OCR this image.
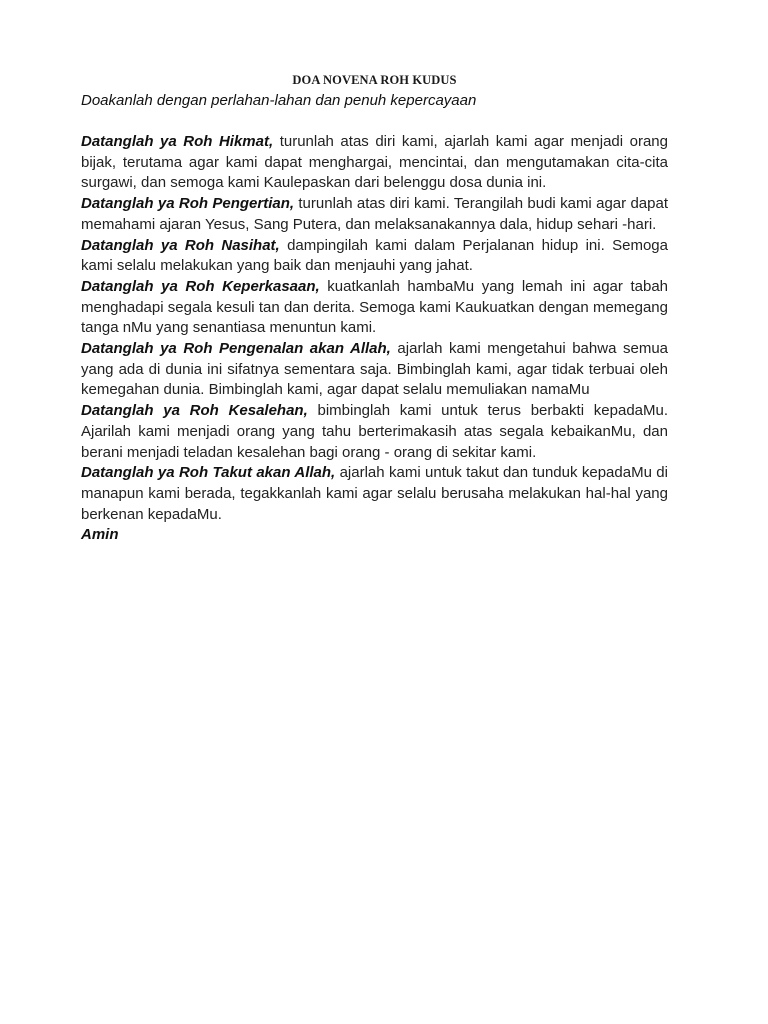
DOA NOVENA ROH KUDUS

Doakanlah dengan perlahan-lahan dan penuh kepercayaan

Datanglah ya Roh Hikmat, turunlah atas diri kami, ajarlah kami agar menjadi orang bijak, terutama agar kami dapat menghargai, mencintai, dan mengutamakan cita-cita surgawi, dan semoga kami Kaulepaskan dari belenggu dosa dunia ini.

Datanglah ya Roh Pengertian, turunlah atas diri kami. Terangilah budi kami agar dapat memahami ajaran Yesus, Sang Putera, dan melaksanakannya dala, hidup sehari -hari.

Datanglah ya Roh Nasihat, dampingilah kami dalam Perjalanan hidup ini. Semoga kami selalu melakukan yang baik dan menjauhi yang jahat.

Datanglah ya Roh Keperkasaan, kuatkanlah hambaMu yang lemah ini agar tabah menghadapi segala kesuli tan dan derita. Semoga kami Kaukuatkan dengan memegang tanga nMu yang senantiasa menuntun kami.

Datanglah ya Roh Pengenalan akan Allah, ajarlah kami mengetahui bahwa semua yang ada di dunia ini sifatnya sementara saja. Bimbinglah kami, agar tidak terbuai oleh kemegahan dunia. Bimbinglah kami, agar dapat selalu memuliakan namaMu

Datanglah ya Roh Kesalehan, bimbinglah kami untuk terus berbakti kepadaMu. Ajarilah kami menjadi orang yang tahu berterimakasih atas segala kebaikanMu, dan berani menjadi teladan kesalehan bagi orang - orang di sekitar kami.

Datanglah ya Roh Takut akan Allah, ajarlah kami untuk takut dan tunduk kepadaMu di manapun kami berada, tegakkanlah kami agar selalu berusaha melakukan hal-hal yang berkenan kepadaMu.

Amin
